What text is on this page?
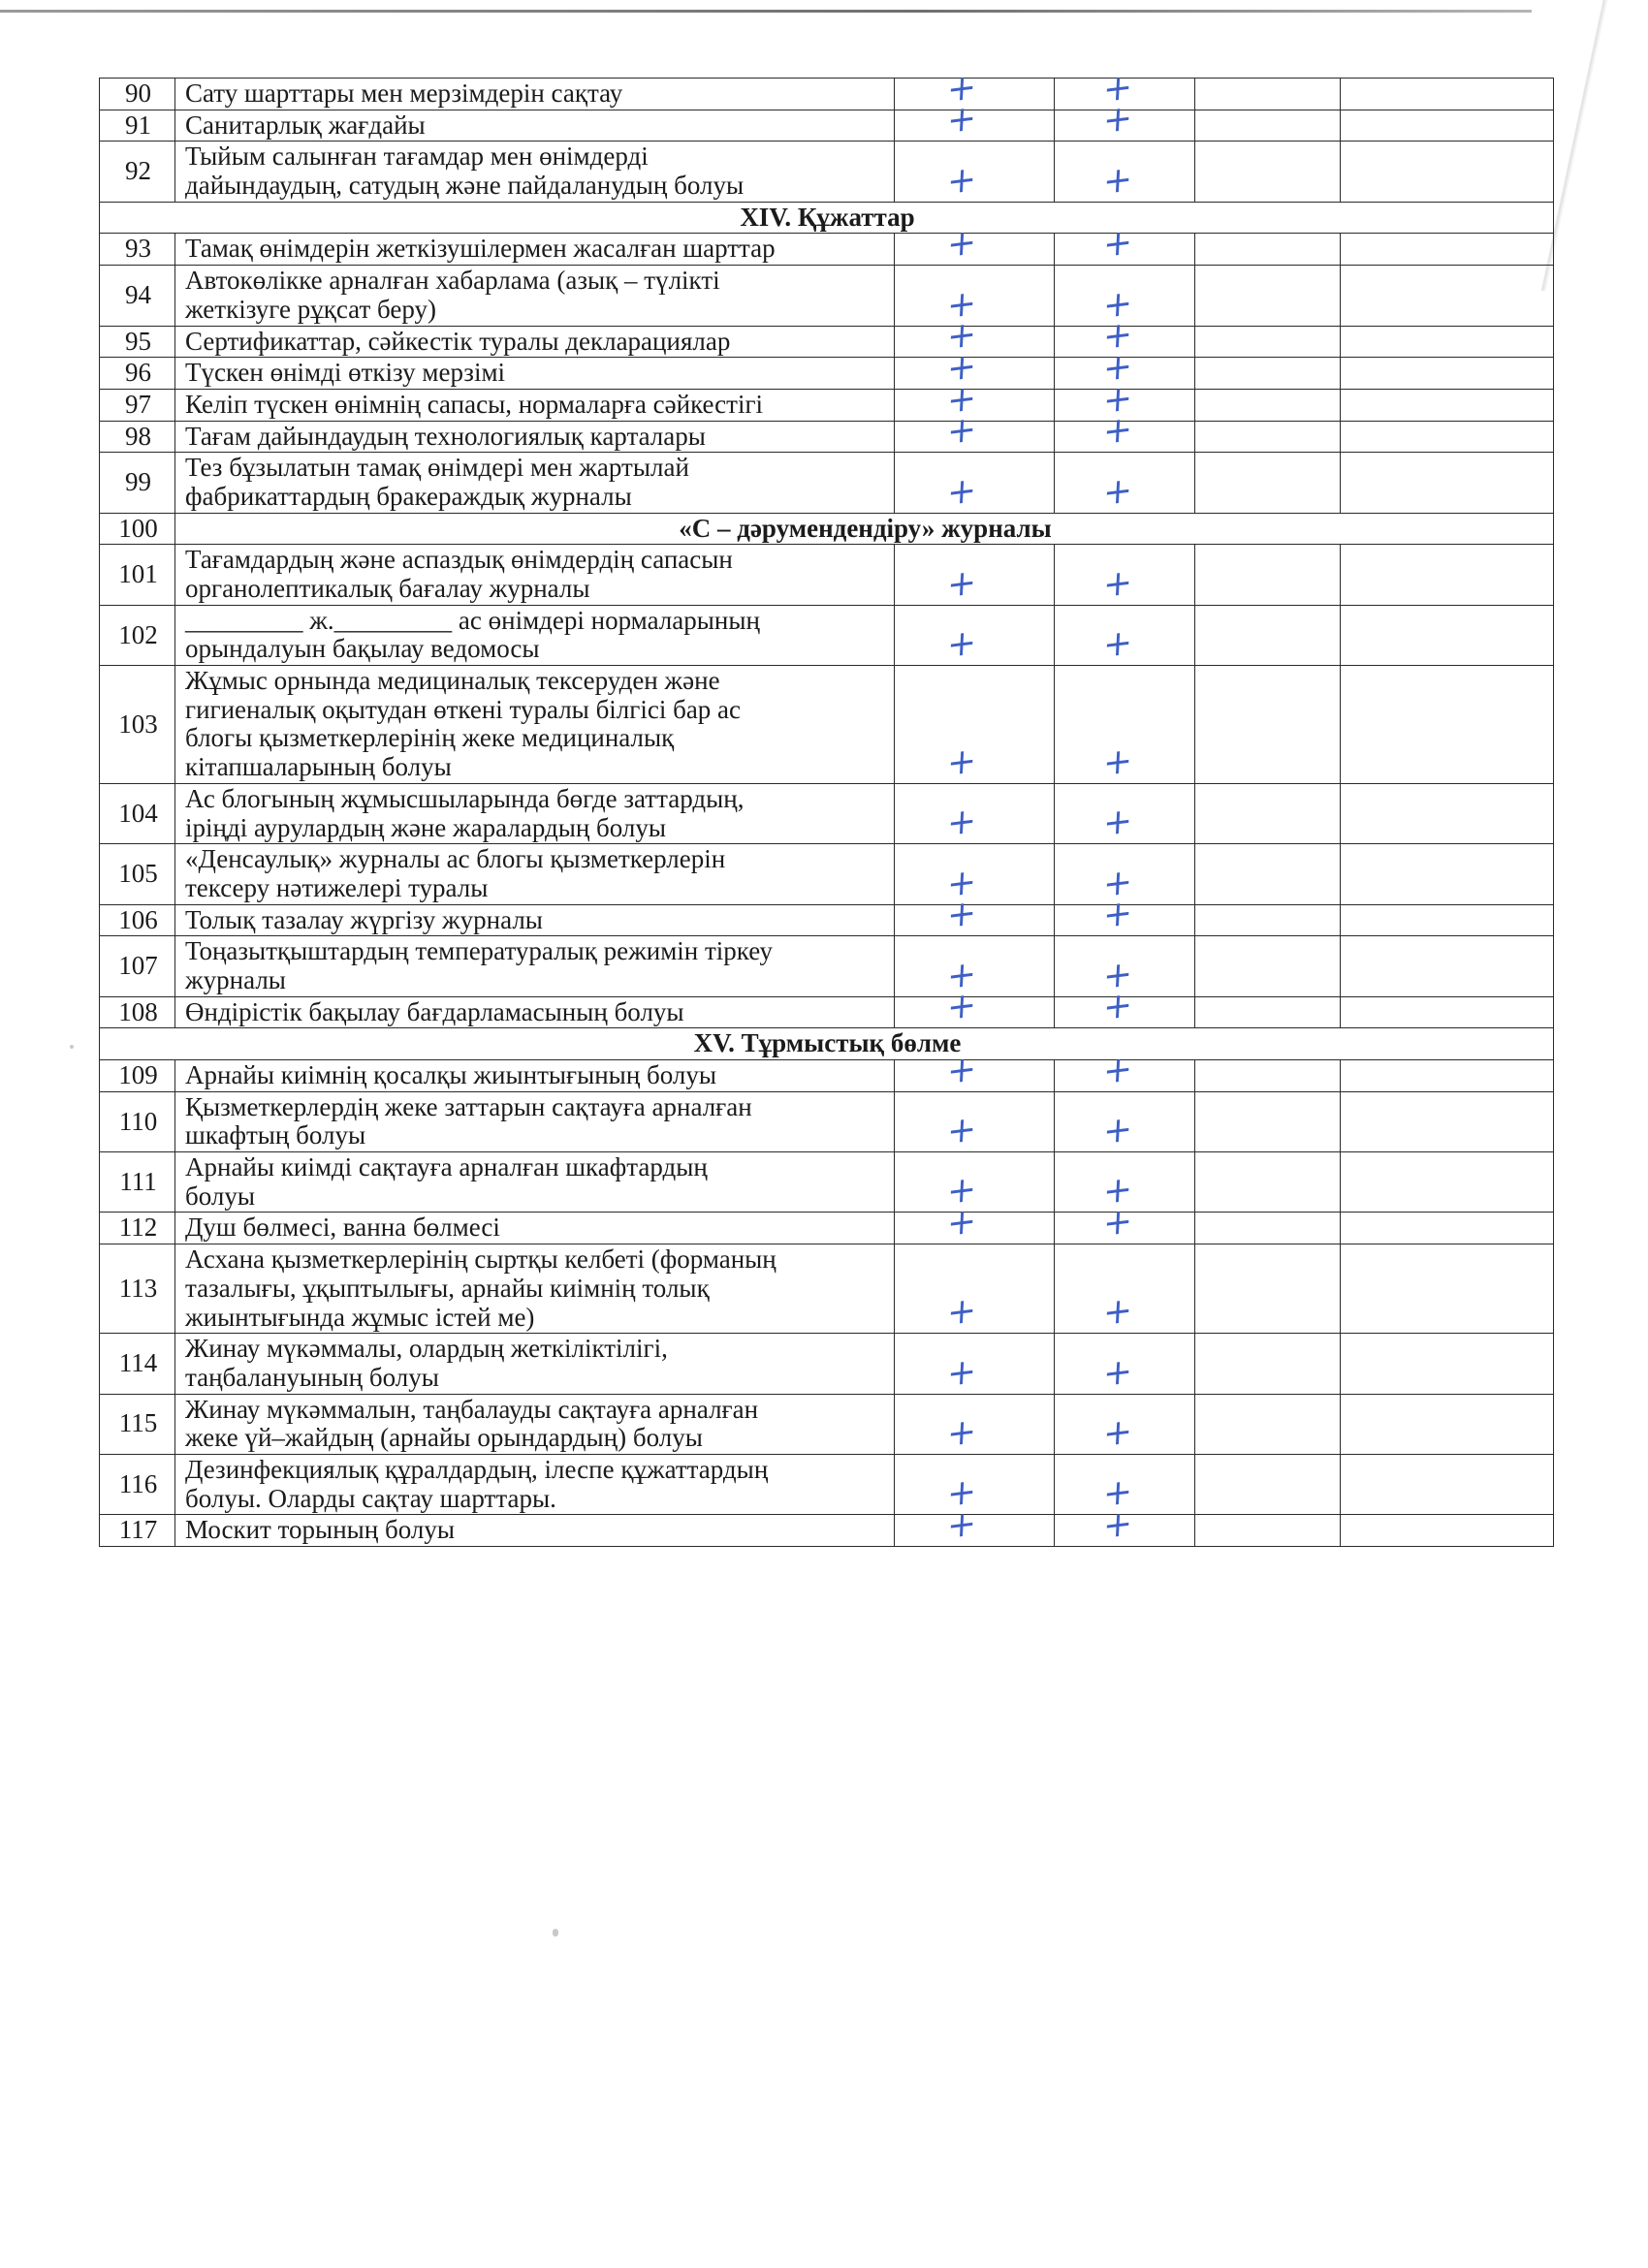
90	Сату шарттары мен мерзімдерін сақтау	+	+		

91	Санитарлық жағдайы	+	+		

92	Тыйым салынған тағамдар мен өнімдерді
дайындаудың, сатудың және пайдаланудың болуы	+	+		

XIV. Құжаттар					
93	Тамақ өнімдерін жеткізушілермен жасалған шарттар	+	+		

94	Автокөлікке арналған хабарлама (азық – түлікті
жеткізуге рұқсат беру)	+	+		

95	Сертификаттар, сәйкестік туралы декларациялар	+	+		

96	Түскен өнімді өткізу мерзімі	+	+		

97	Келіп түскен өнімнің сапасы, нормаларға сәйкестігі	+	+		

98	Тағам дайындаудың технологиялық карталары	+	+		

99	Тез бұзылатын тамақ өнімдері мен жартылай
фабрикаттардың бракераждық журналы	+	+		

100	«С – дәрумендендіру» журналы				
101	Тағамдардың және аспаздық өнімдердің сапасын
органолептикалық бағалау журналы	+	+		

102	_________ ж._________ ас өнімдері нормаларының
орындалуын бақылау ведомосы	+	+		

103	Жұмыс орнында медициналық тексеруден және
гигиеналық оқытудан өткені туралы білгісі бар ас
блогы қызметкерлерінің жеке медициналық
кітапшаларының болуы	+	+		

104	Ас блогының жұмысшыларында бөгде заттардың,
іріңді аурулардың және жаралардың болуы	+	+		

105	«Денсаулық» журналы ас блогы қызметкерлерін
тексеру нәтижелері туралы	+	+		

106	Толық тазалау жүргізу журналы	+	+		

107	Тоңазытқыштардың температуралық режимін тіркеу
журналы	+	+		

108	Өндірістік бақылау бағдарламасының болуы	+	+		

XV. Тұрмыстық бөлме					
109	Арнайы киімнің қосалқы жиынтығының болуы	+	+		

110	Қызметкерлердің жеке заттарын сақтауға арналған
шкафтың болуы	+	+		

111	Арнайы киімді сақтауға арналған шкафтардың
болуы	+	+		

112	Душ бөлмесі, ванна бөлмесі	+	+		

113	Асхана қызметкерлерінің сыртқы келбеті (форманың
тазалығы, ұқыптылығы, арнайы киімнің толық
жиынтығында жұмыс істей ме)	+	+		

114	Жинау мүкәммалы, олардың жеткіліктілігі,
таңбалануының болуы	+	+		

115	Жинау мүкәммалын, таңбалауды сақтауға арналған
жеке үй–жайдың (арнайы орындардың) болуы	+	+		

116	Дезинфекциялық құралдардың, ілеспе құжаттардың
болуы. Оларды сақтау шарттары.	+	+		

117	Москит торының болуы	+	+		
